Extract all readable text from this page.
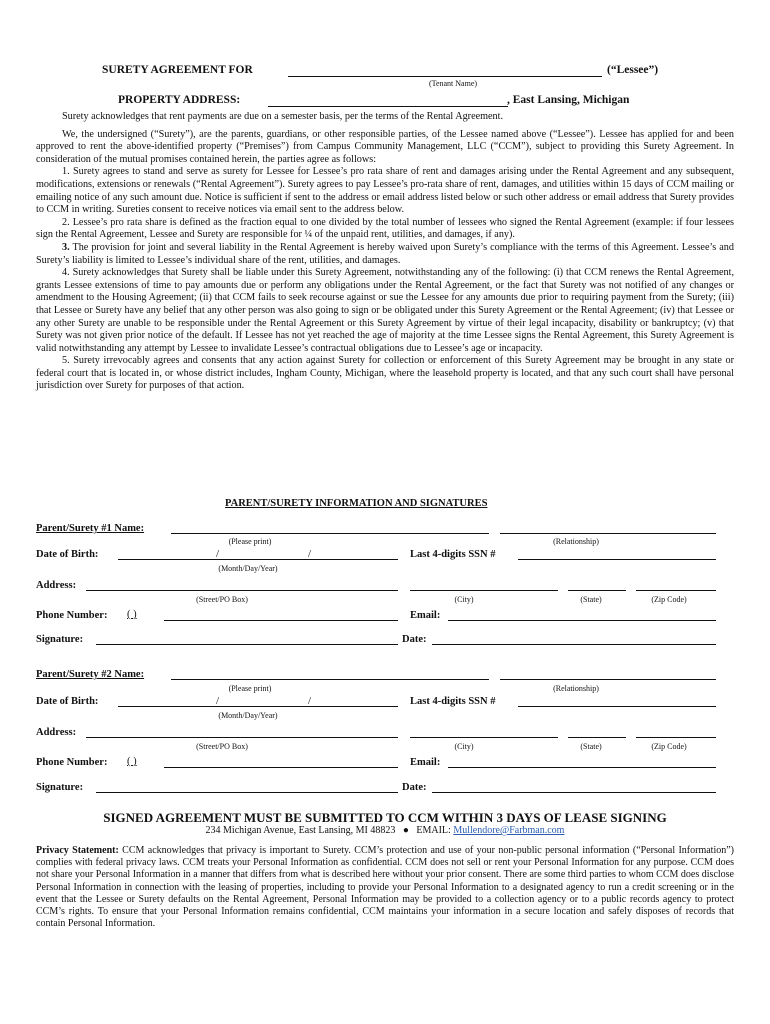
SURETY AGREEMENT FOR	(“Lessee”)
(Tenant Name)
PROPERTY ADDRESS:	, East Lansing, Michigan

Surety acknowledges that rent payments are due on a semester basis, per the terms of the Rental Agreement.

We, the undersigned (“Surety”), are the parents, guardians, or other responsible parties, of the Lessee named above (“Lessee”). Lessee has applied for and been approved to rent the above-identified property (“Premises”) from Campus Community Management, LLC (“CCM”), subject to providing this Surety Agreement. In consideration of the mutual promises contained herein, the parties agree as follows:

1. Surety agrees to stand and serve as surety for Lessee for Lessee’s pro rata share of rent and damages arising under the Rental Agreement and any subsequent, modifications, extensions or renewals (“Rental Agreement”). Surety agrees to pay Lessee’s pro-rata share of rent, damages, and utilities within 15 days of CCM mailing or emailing notice of any such amount due. Notice is sufficient if sent to the address or email address listed below or such other address or email address that Surety provides to CCM in writing. Sureties consent to receive notices via email sent to the address below.

2. Lessee’s pro rata share is defined as the fraction equal to one divided by the total number of lessees who signed the Rental Agreement (example: if four lessees sign the Rental Agreement, Lessee and Surety are responsible for ¼ of the unpaid rent, utilities, and damages, if any).

3. The provision for joint and several liability in the Rental Agreement is hereby waived upon Surety’s compliance with the terms of this Agreement. Lessee’s and Surety’s liability is limited to Lessee’s individual share of the rent, utilities, and damages.

4. Surety acknowledges that Surety shall be liable under this Surety Agreement, notwithstanding any of the following: (i) that CCM renews the Rental Agreement, grants Lessee extensions of time to pay amounts due or perform any obligations under the Rental Agreement, or the fact that Surety was not notified of any changes or amendment to the Housing Agreement; (ii) that CCM fails to seek recourse against or sue the Lessee for any amounts due prior to requiring payment from the Surety; (iii) that Lessee or Surety have any belief that any other person was also going to sign or be obligated under this Surety Agreement or the Rental Agreement; (iv) that Lessee or any other Surety are unable to be responsible under the Rental Agreement or this Surety Agreement by virtue of their legal incapacity, disability or bankruptcy; (v) that Surety was not given prior notice of the default. If Lessee has not yet reached the age of majority at the time Lessee signs the Rental Agreement, this Surety Agreement is valid notwithstanding any attempt by Lessee to invalidate Lessee’s contractual obligations due to Lessee’s age or incapacity.

5. Surety irrevocably agrees and consents that any action against Surety for collection or enforcement of this Surety Agreement may be brought in any state or federal court that is located in, or whose district includes, Ingham County, Michigan, where the leasehold property is located, and that any such court shall have personal jurisdiction over Surety for purposes of that action.

PARENT/SURETY INFORMATION AND SIGNATURES
Parent/Surety #1 Name:
(Please print)	(Relationship)
Date of Birth:	/	/	Last 4-digits SSN #
(Month/Day/Year)
Address:
(Street/PO Box)	(City)	(State)	(Zip Code)
Phone Number: ( )	Email:
Signature:	Date:
Parent/Surety #2 Name:
(Please print)	(Relationship)
Date of Birth:	/	/	Last 4-digits SSN #
(Month/Day/Year)
Address:
(Street/PO Box)	(City)	(State)	(Zip Code)
Phone Number: ( )	Email:
Signature:	Date:
SIGNED AGREEMENT MUST BE SUBMITTED TO CCM WITHIN 3 DAYS OF LEASE SIGNING
234 Michigan Avenue, East Lansing, MI 48823 ● EMAIL: Mullendore@Farbman.com

Privacy Statement: CCM acknowledges that privacy is important to Surety. CCM’s protection and use of your non-public personal information (“Personal Information”) complies with federal privacy laws. CCM treats your Personal Information as confidential. CCM does not sell or rent your Personal Information for any purpose. CCM does not share your Personal Information in a manner that differs from what is described here without your prior consent. There are some third parties to whom CCM does disclose Personal Information in connection with the leasing of properties, including to provide your Personal Information to a designated agency to run a credit screening or in the event that the Lessee or Surety defaults on the Rental Agreement, Personal Information may be provided to a collection agency or to a public records agency to protect CCM’s rights. To ensure that your Personal Information remains confidential, CCM maintains your information in a secure location and safely disposes of records that contain Personal Information.
